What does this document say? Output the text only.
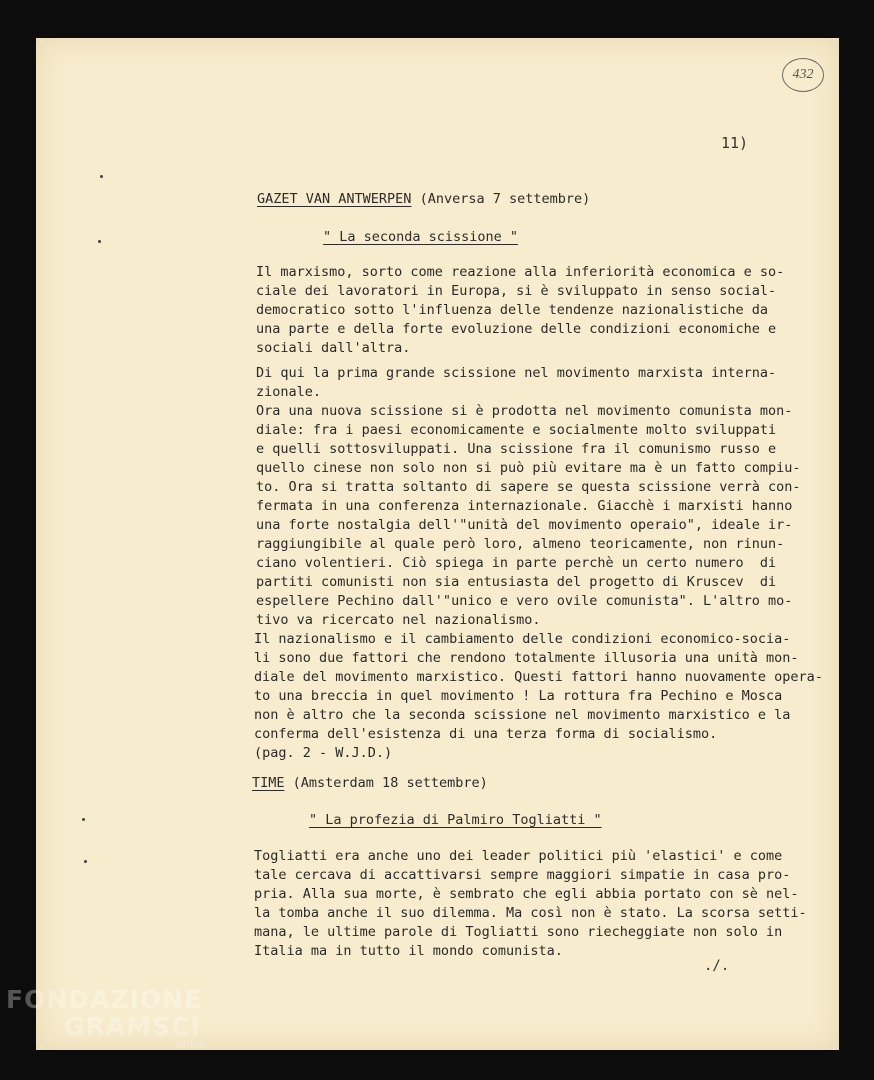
432
11)
GAZET VAN ANTWERPEN (Anversa 7 settembre)
" La seconda scissione "
Il marxismo, sorto come reazione alla inferiorità economica e so-
ciale dei lavoratori in Europa, si è sviluppato in senso social-
democratico sotto l'influenza delle tendenze nazionalistiche da
una parte e della forte evoluzione delle condizioni economiche e
sociali dall'altra.
Di qui la prima grande scissione nel movimento marxista interna-
zionale.
Ora una nuova scissione si è prodotta nel movimento comunista mon-
diale: fra i paesi economicamente e socialmente molto sviluppati
e quelli sottosviluppati. Una scissione fra il comunismo russo e
quello cinese non solo non si può più evitare ma è un fatto compiu-
to. Ora si tratta soltanto di sapere se questa scissione verrà con-
fermata in una conferenza internazionale. Giacchè i marxisti hanno
una forte nostalgia dell'"unità del movimento operaio", ideale ir-
raggiungibile al quale però loro, almeno teoricamente, non rinun-
ciano volentieri. Ciò spiega in parte perchè un certo numero  di
partiti comunisti non sia entusiasta del progetto di Kruscev  di
espellere Pechino dall'"unico e vero ovile comunista". L'altro mo-
tivo va ricercato nel nazionalismo.
Il nazionalismo e il cambiamento delle condizioni economico-socia-
li sono due fattori che rendono totalmente illusoria una unità mon-
diale del movimento marxistico. Questi fattori hanno nuovamente opera-
to una breccia in quel movimento ! La rottura fra Pechino e Mosca
non è altro che la seconda scissione nel movimento marxistico e la
conferma dell'esistenza di una terza forma di socialismo.
(pag. 2 - W.J.D.)
TIME (Amsterdam 18 settembre)
" La profezia di Palmiro Togliatti "
Togliatti era anche uno dei leader politici più 'elastici' e come
tale cercava di accattivarsi sempre maggiori simpatie in casa pro-
pria. Alla sua morte, è sembrato che egli abbia portato con sè nel-
la tomba anche il suo dilemma. Ma così non è stato. La scorsa setti-
mana, le ultime parole di Togliatti sono riecheggiate non solo in
Italia ma in tutto il mondo comunista.
./.
FONDAZIONE
GRAMSCI
onlus
